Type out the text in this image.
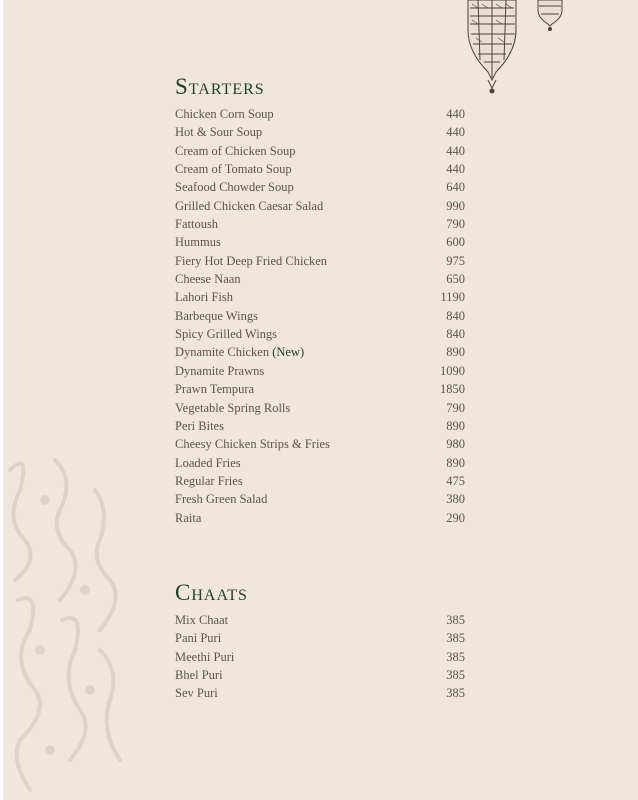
Starters
Chicken Corn Soup	440
Hot & Sour Soup	440
Cream of Chicken Soup	440
Cream of Tomato Soup	440
Seafood Chowder Soup	640
Grilled Chicken Caesar Salad	990
Fattoush	790
Hummus	600
Fiery Hot Deep Fried Chicken	975
Cheese Naan	650
Lahori Fish	1190
Barbeque Wings	840
Spicy Grilled Wings	840
Dynamite Chicken (New)	890
Dynamite Prawns	1090
Prawn Tempura	1850
Vegetable Spring Rolls	790
Peri Bites	890
Cheesy Chicken Strips & Fries	980
Loaded Fries	890
Regular Fries	475
Fresh Green Salad	380
Raita	290
Chaats
Mix Chaat	385
Pani Puri	385
Meethi Puri	385
Bhel Puri	385
Sev Puri	385
